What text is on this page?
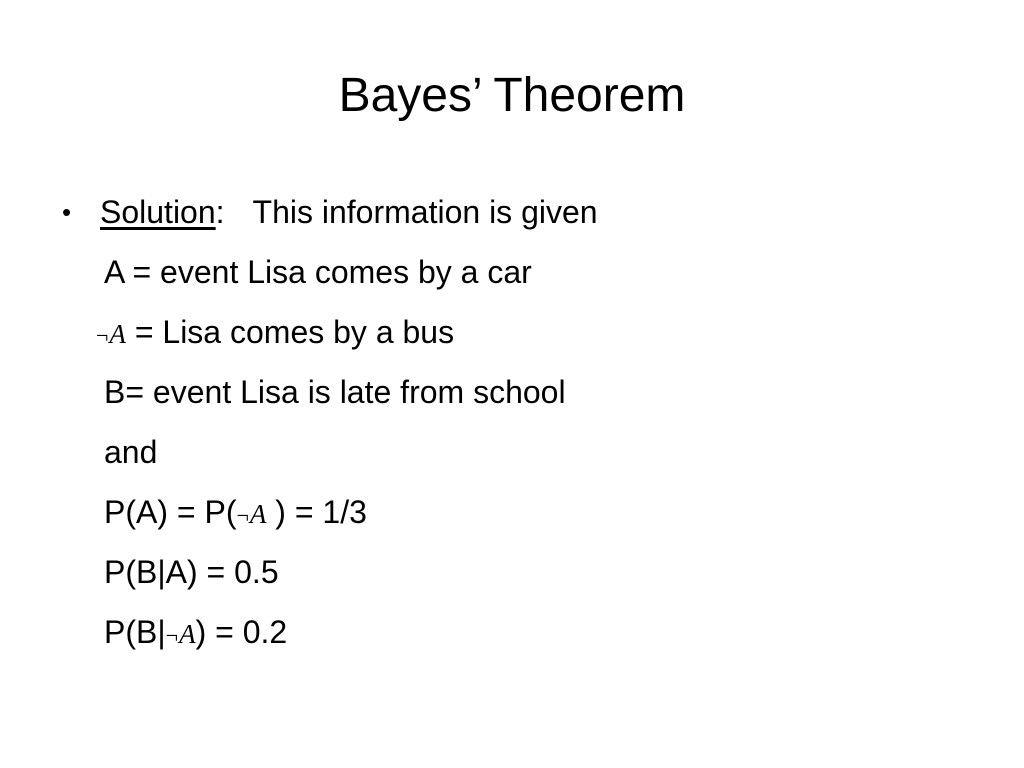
Bayes’ Theorem
• Solution: This information is given
A = event Lisa comes by a car
¬A = Lisa comes by a bus
B= event Lisa is late from school
and
P(A) = P(¬A ) = 1/3
P(B|A) = 0.5
P(B|¬A) = 0.2
